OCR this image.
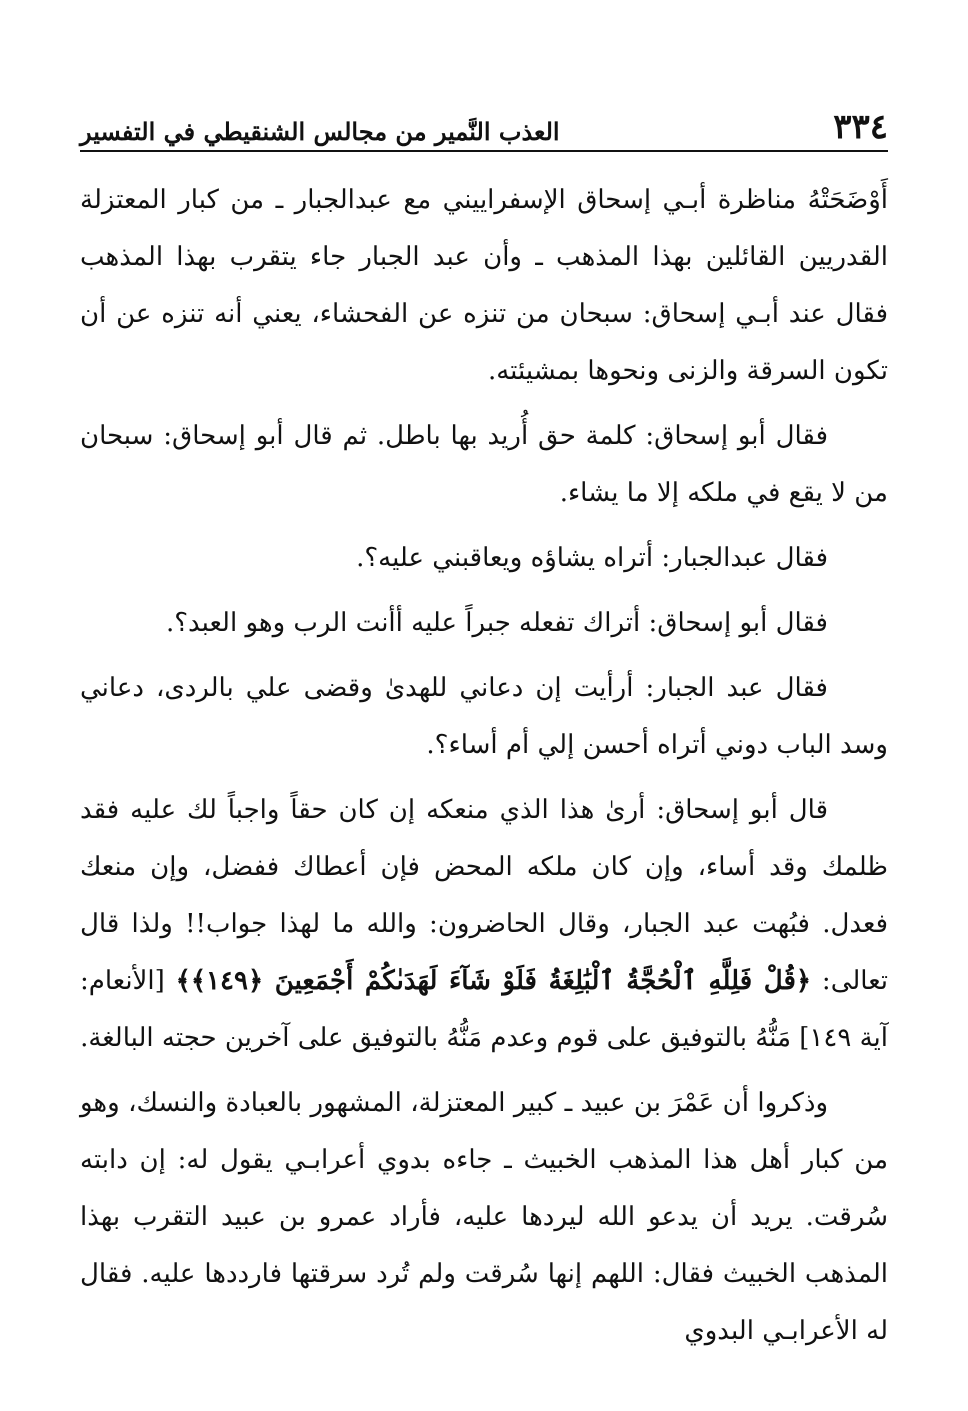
٣٣٤
العذب النَّمير من مجالس الشنقيطي في التفسير

أَوْضَحَتْهُ مناظرة أبـي إسحاق الإسفراييني مع عبدالجبار ـ من كبار المعتزلة القدريين القائلين بهذا المذهب ـ وأن عبد الجبار جاء يتقرب بهذا المذهب فقال عند أبـي إسحاق: سبحان من تنزه عن الفحشاء، يعني أنه تنزه عن أن تكون السرقة والزنى ونحوها بمشيئته.

فقال أبو إسحاق: كلمة حق أُريد بها باطل. ثم قال أبو إسحاق: سبحان من لا يقع في ملكه إلا ما يشاء.

فقال عبدالجبار: أتراه يشاؤه ويعاقبني عليه؟.

فقال أبو إسحاق: أتراك تفعله جبراً عليه أأنت الرب وهو العبد؟.

فقال عبد الجبار: أرأيت إن دعاني للهدىٰ وقضى علي بالردى، دعاني وسد الباب دوني أتراه أحسن إلي أم أساء؟.

قال أبو إسحاق: أرىٰ هذا الذي منعكه إن كان حقاً واجباً لك عليه فقد ظلمك وقد أساء، وإن كان ملكه المحض فإن أعطاك ففضل، وإن منعك فعدل. فبُهت عبد الجبار، وقال الحاضرون: والله ما لهذا جواب!! ولذا قال تعالى: ﴿قُلْ فَلِلَّهِ ٱلْحُجَّةُ ٱلْبَٰلِغَةُ فَلَوْ شَآءَ لَهَدَىٰكُمْ أَجْمَعِينَ ﴿١٤٩﴾﴾ [الأنعام: آية ١٤٩] مَنُّهُ بالتوفيق على قوم وعدم مَنُّهُ بالتوفيق على آخرين حجته البالغة.

وذكروا أن عَمْرَ بن عبيد ـ كبير المعتزلة، المشهور بالعبادة والنسك، وهو من كبار أهل هذا المذهب الخبيث ـ جاءه بدوي أعرابـي يقول له: إن دابته سُرقت. يريد أن يدعو الله ليردها عليه، فأراد عمرو بن عبيد التقرب بهذا المذهب الخبيث فقال: اللهم إنها سُرقت ولم تُرد سرقتها فارددها عليه. فقال له الأعرابـي البدوي
